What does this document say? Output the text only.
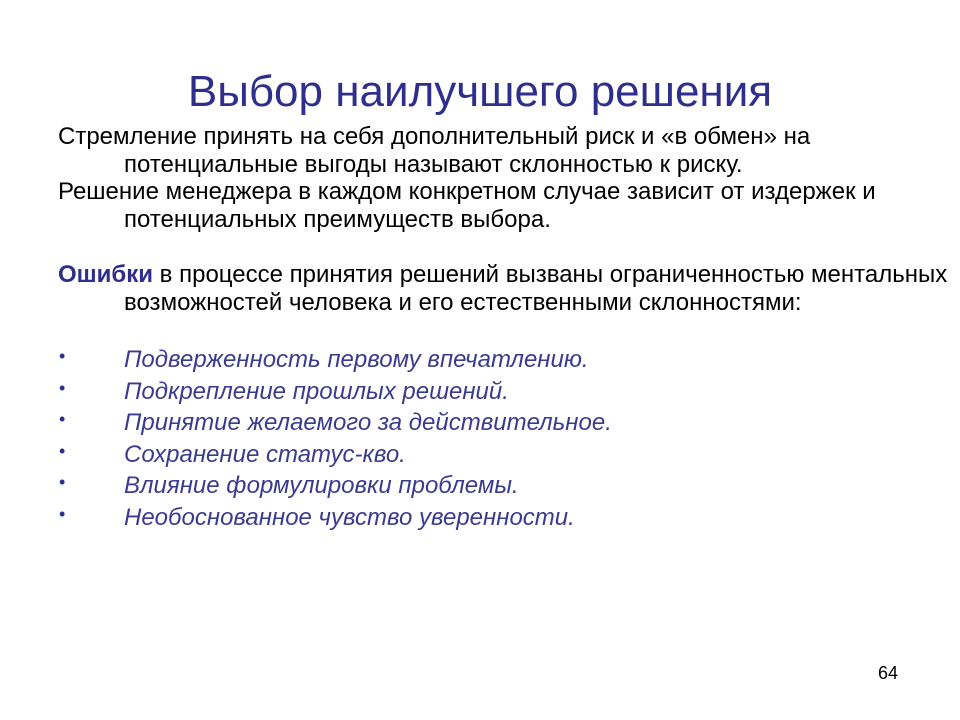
Выбор наилучшего решения
Стремление принять на себя дополнительный риск и «в обмен» на потенциальные выгоды называют склонностью к риску.
Решение менеджера в каждом конкретном случае зависит от издержек и потенциальных преимуществ выбора.
Ошибки в процессе принятия решений вызваны ограниченностью ментальных возможностей человека и его естественными склонностями:
• Подверженность первому впечатлению.
• Подкрепление прошлых решений.
• Принятие желаемого за действительное.
• Сохранение статус-кво.
• Влияние формулировки проблемы.
• Необоснованное чувство уверенности.
64
